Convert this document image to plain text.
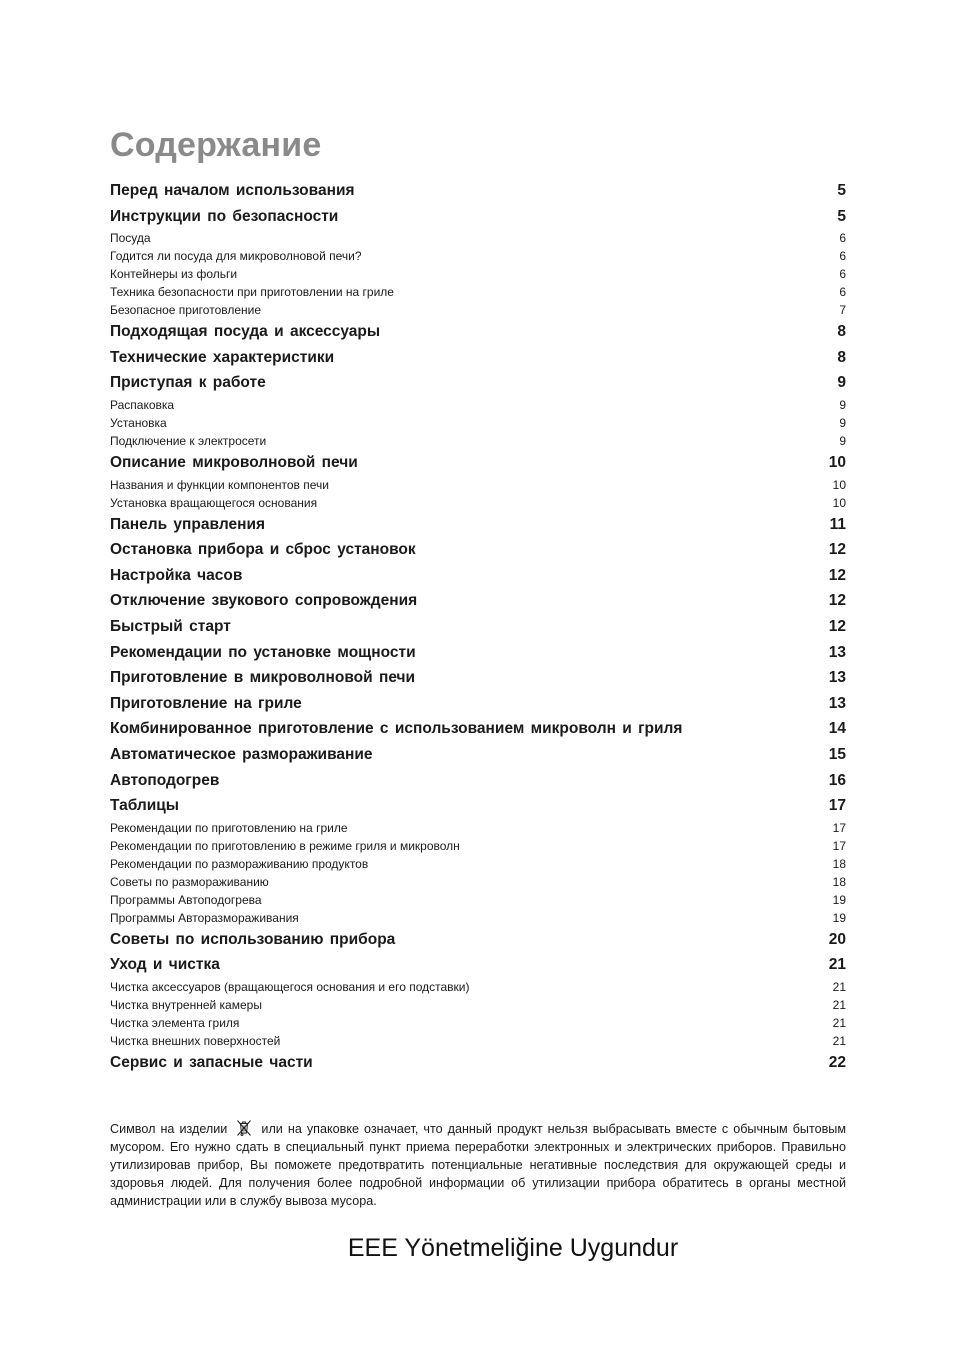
Содержание
Перед началом использования	5
Инструкции по безопасности	5
Посуда	6
Годится ли посуда для микроволновой печи?	6
Контейнеры из фольги	6
Техника безопасности при приготовлении на гриле	6
Безопасное приготовление	7
Подходящая посуда и аксессуары	8
Технические характеристики	8
Приступая к работе	9
Распаковка	9
Установка	9
Подключение к электросети	9
Описание микроволновой печи	10
Названия и функции компонентов печи	10
Установка вращающегося основания	10
Панель управления	11
Остановка прибора и сброс установок	12
Настройка часов	12
Отключение звукового сопровождения	12
Быстрый старт	12
Рекомендации по установке мощности	13
Приготовление в микроволновой печи	13
Приготовление на гриле	13
Комбинированное приготовление с использованием микроволн и гриля	14
Автоматическое размораживание	15
Автоподогрев	16
Таблицы	17
Рекомендации по приготовлению на гриле	17
Рекомендации по приготовлению в режиме гриля и микроволн	17
Рекомендации по размораживанию продуктов	18
Советы по размораживанию	18
Программы Автоподогрева	19
Программы Авторазмораживания	19
Советы по использованию прибора	20
Уход и чистка	21
Чистка аксессуаров (вращающегося основания и его подставки)	21
Чистка внутренней камеры	21
Чистка элемента гриля	21
Чистка внешних поверхностей	21
Сервис и запасные части	22
Символ на изделии	или на упаковке означает, что данный продукт нельзя выбрасывать вместе с обычным бытовым мусором. Его нужно сдать в специальный пункт приема переработки электронных и электрических приборов. Правильно утилизировав прибор, Вы поможете предотвратить потенциальные негативные последствия для окружающей среды и здоровья людей. Для получения более подробной информации об утилизации прибора обратитесь в органы местной администрации или в службу вывоза мусора.
EEE Yönetmeliğine Uygundur
